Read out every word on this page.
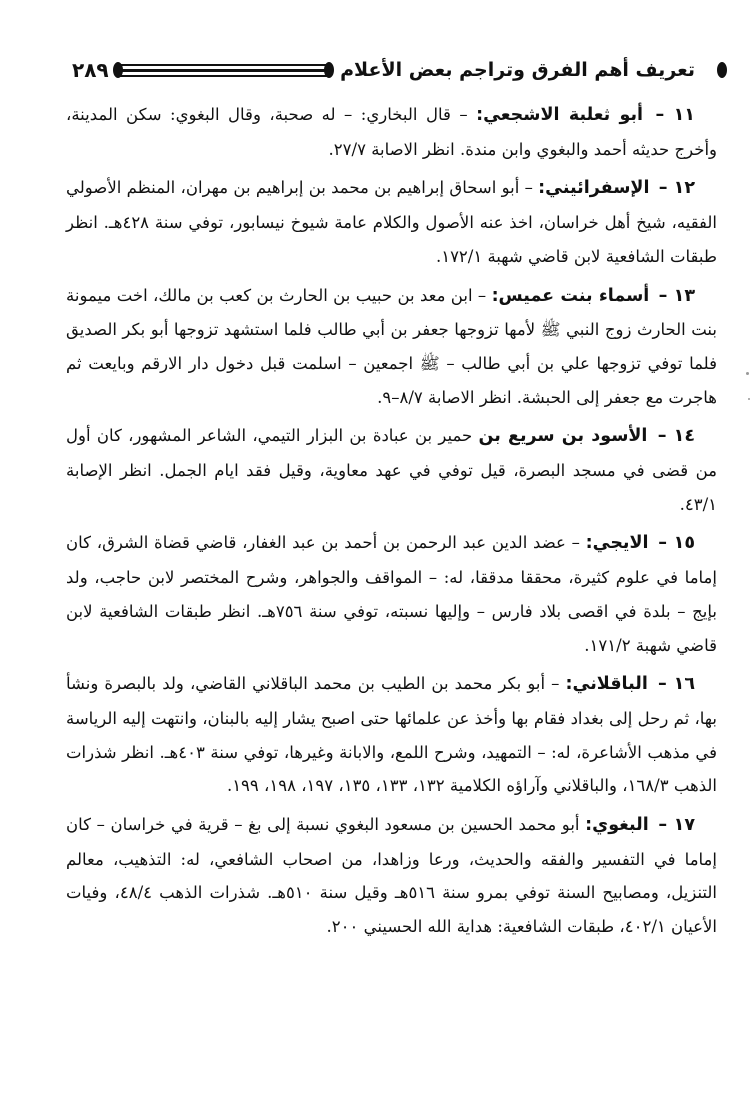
تعريف أهم الفرق وتراجم بعض الأعلام
٢٨٩

١١ – أبو ثعلبة الاشجعي: – قال البخاري: – له صحبة، وقال البغوي: سكن المدينة، وأخرج حديثه أحمد والبغوي وابن مندة. انظر الاصابة ٢٧/٧.

١٢ – الإسفرائيني: – أبو اسحاق إبراهيم بن محمد بن إبراهيم بن مهران، المنظم الأصولي الفقيه، شيخ أهل خراسان، اخذ عنه الأصول والكلام عامة شيوخ نيسابور، توفي سنة ٤٢٨هـ. انظر طبقات الشافعية لابن قاضي شهبة ١٧٢/١.

١٣ – أسماء بنت عميس: – ابن معد بن حبيب بن الحارث بن كعب بن مالك، اخت ميمونة بنت الحارث زوج النبي ﷺ لأمها تزوجها جعفر بن أبي طالب فلما استشهد تزوجها أبو بكر الصديق فلما توفي تزوجها علي بن أبي طالب – ﷺ اجمعين – اسلمت قبل دخول دار الارقم وبايعت ثم هاجرت مع جعفر إلى الحبشة. انظر الاصابة ٨/٧–٩.

١٤ – الأسود بن سريع بن حمير بن عبادة بن البزار التيمي، الشاعر المشهور، كان أول من قضى في مسجد البصرة، قيل توفي في عهد معاوية، وقيل فقد ايام الجمل. انظر الإصابة ٤٣/١.

١٥ – الايجي: – عضد الدين عبد الرحمن بن أحمد بن عبد الغفار، قاضي قضاة الشرق، كان إماما في علوم كثيرة، محققا مدققا، له: – المواقف والجواهر، وشرح المختصر لابن حاجب، ولد بإيج – بلدة في اقصى بلاد فارس – وإليها نسبته، توفي سنة ٧٥٦هـ. انظر طبقات الشافعية لابن قاضي شهبة ١٧١/٢.

١٦ – الباقلاني: – أبو بكر محمد بن الطيب بن محمد الباقلاني القاضي، ولد بالبصرة ونشأ بها، ثم رحل إلى بغداد فقام بها وأخذ عن علمائها حتى اصبح يشار إليه بالبنان، وانتهت إليه الرياسة في مذهب الأشاعرة، له: – التمهيد، وشرح اللمع، والابانة وغيرها، توفي سنة ٤٠٣هـ. انظر شذرات الذهب ١٦٨/٣، والباقلاني وآراؤه الكلامية ١٣٢، ١٣٣، ١٣٥، ١٩٧، ١٩٨، ١٩٩.

١٧ – البغوي: أبو محمد الحسين بن مسعود البغوي نسبة إلى بغ – قرية في خراسان – كان إماما في التفسير والفقه والحديث، ورعا وزاهدا، من اصحاب الشافعي، له: التذهيب، معالم التنزيل، ومصابيح السنة توفي بمرو سنة ٥١٦هـ وقيل سنة ٥١٠هـ. شذرات الذهب ٤٨/٤، وفيات الأعيان ٤٠٢/١، طبقات الشافعية: هداية الله الحسيني ٢٠٠.
